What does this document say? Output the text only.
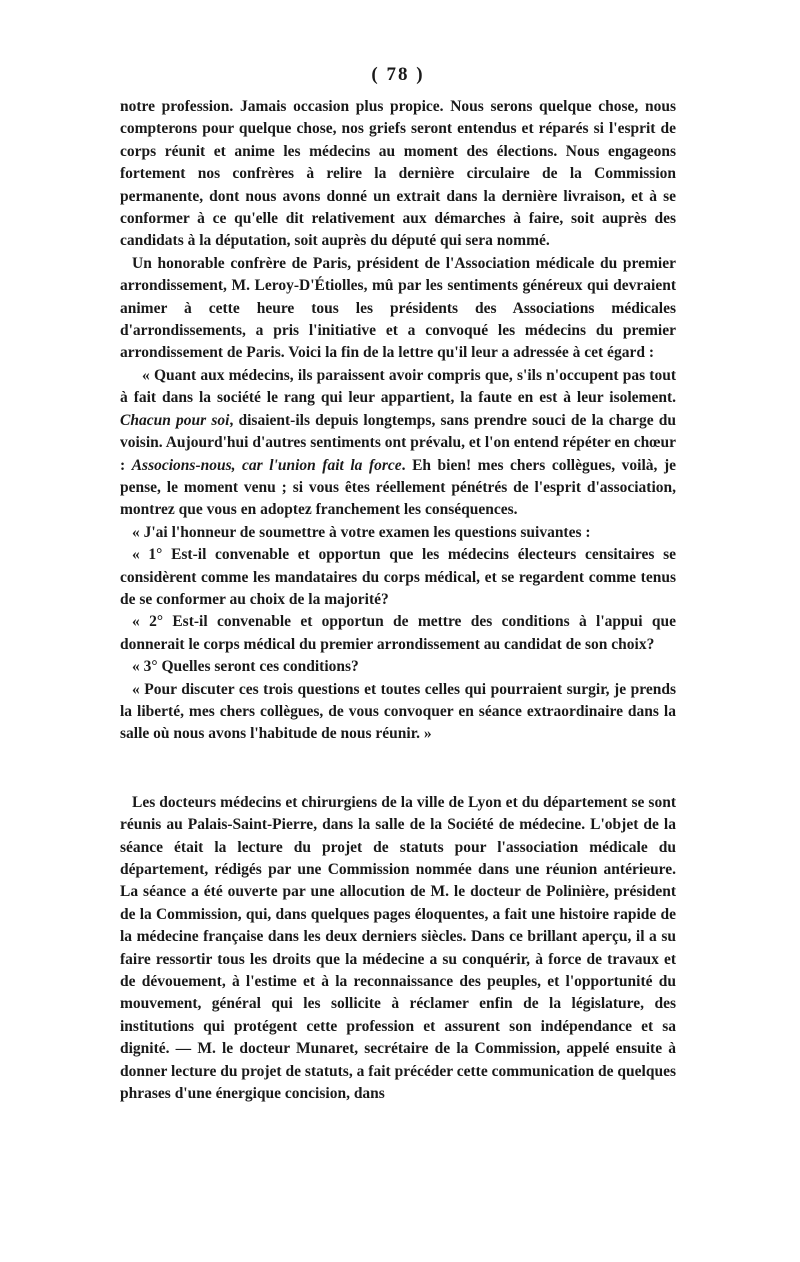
( 78 )

notre profession. Jamais occasion plus propice. Nous serons quelque chose, nous compterons pour quelque chose, nos griefs seront entendus et réparés si l'esprit de corps réunit et anime les médecins au moment des élections. Nous engageons fortement nos confrères à relire la dernière circulaire de la Commission permanente, dont nous avons donné un extrait dans la dernière livraison, et à se conformer à ce qu'elle dit relativement aux démarches à faire, soit auprès des candidats à la députation, soit auprès du député qui sera nommé.

Un honorable confrère de Paris, président de l'Association médicale du premier arrondissement, M. Leroy-D'Étiolles, mû par les sentiments généreux qui devraient animer à cette heure tous les présidents des Associations médicales d'arrondissements, a pris l'initiative et a convoqué les médecins du premier arrondissement de Paris. Voici la fin de la lettre qu'il leur a adressée à cet égard :

« Quant aux médecins, ils paraissent avoir compris que, s'ils n'occupent pas tout à fait dans la société le rang qui leur appartient, la faute en est à leur isolement. Chacun pour soi, disaient-ils depuis longtemps, sans prendre souci de la charge du voisin. Aujourd'hui d'autres sentiments ont prévalu, et l'on entend répéter en chœur : Associons-nous, car l'union fait la force. Eh bien! mes chers collègues, voilà, je pense, le moment venu ; si vous êtes réellement pénétrés de l'esprit d'association, montrez que vous en adoptez franchement les conséquences.

« J'ai l'honneur de soumettre à votre examen les questions suivantes :

« 1° Est-il convenable et opportun que les médecins électeurs censitaires se considèrent comme les mandataires du corps médical, et se regardent comme tenus de se conformer au choix de la majorité?

« 2° Est-il convenable et opportun de mettre des conditions à l'appui que donnerait le corps médical du premier arrondissement au candidat de son choix?

« 3° Quelles seront ces conditions?

« Pour discuter ces trois questions et toutes celles qui pourraient surgir, je prends la liberté, mes chers collègues, de vous convoquer en séance extraordinaire dans la salle où nous avons l'habitude de nous réunir. »

Les docteurs médecins et chirurgiens de la ville de Lyon et du département se sont réunis au Palais-Saint-Pierre, dans la salle de la Société de médecine. L'objet de la séance était la lecture du projet de statuts pour l'association médicale du département, rédigés par une Commission nommée dans une réunion antérieure. La séance a été ouverte par une allocution de M. le docteur de Polinière, président de la Commission, qui, dans quelques pages éloquentes, a fait une histoire rapide de la médecine française dans les deux derniers siècles. Dans ce brillant aperçu, il a su faire ressortir tous les droits que la médecine a su conquérir, à force de travaux et de dévouement, à l'estime et à la reconnaissance des peuples, et l'opportunité du mouvement, général qui les sollicite à réclamer enfin de la législature, des institutions qui protégent cette profession et assurent son indépendance et sa dignité. — M. le docteur Munaret, secrétaire de la Commission, appelé ensuite à donner lecture du projet de statuts, a fait précéder cette communication de quelques phrases d'une énergique concision, dans
